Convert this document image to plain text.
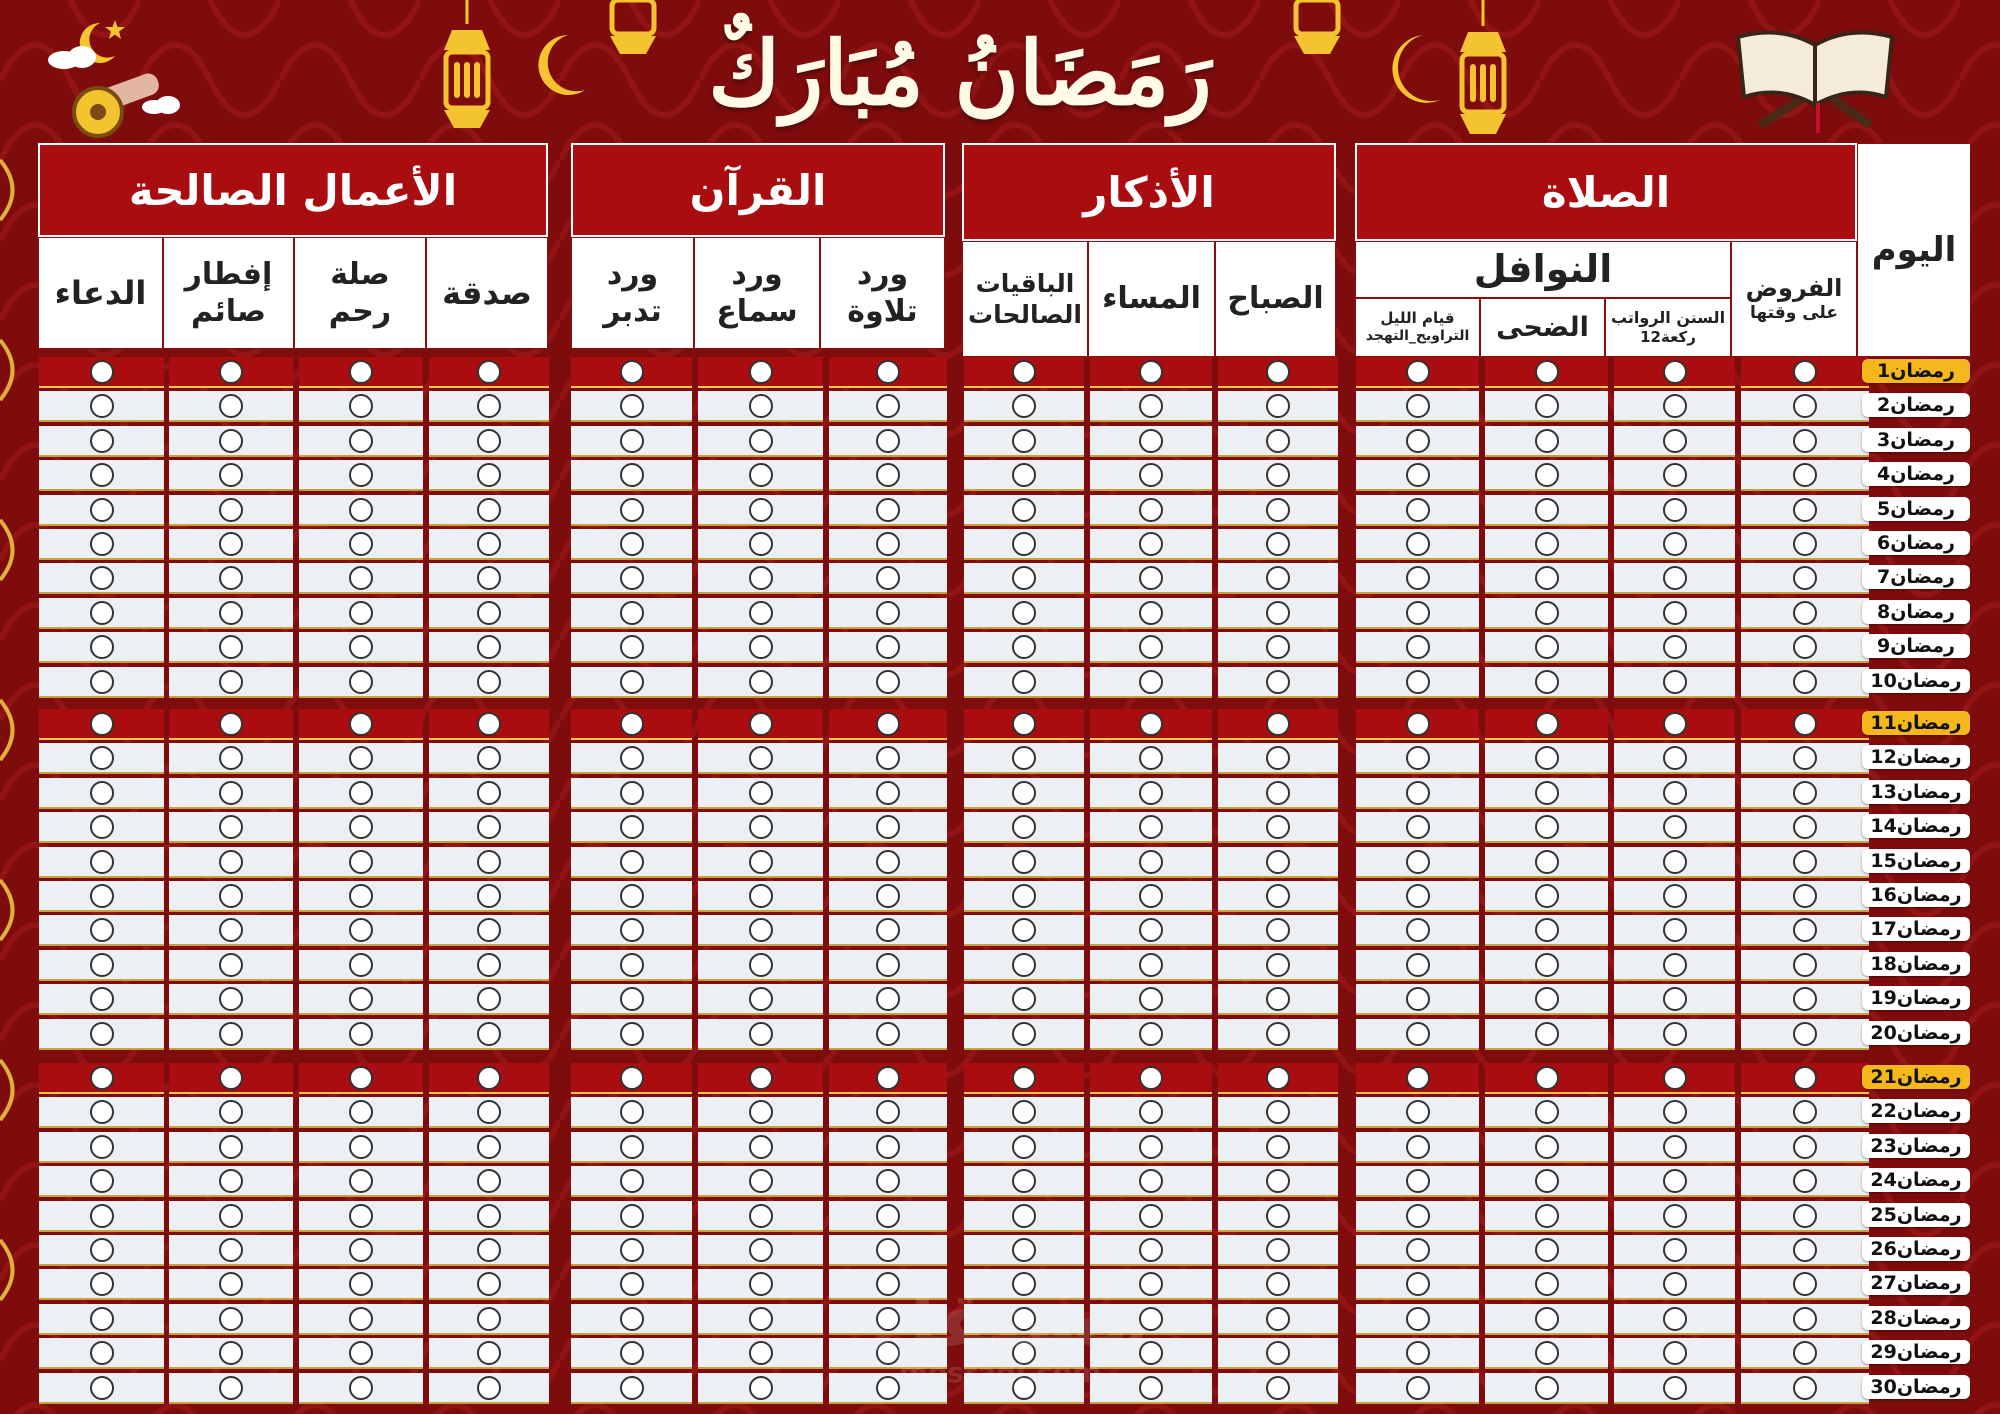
رَمَضَانُ مُبَارَكٌ
الصلاة
الأذكار
القرآن
الأعمال الصالحة
اليوم
النوافل	الفروض
على وقتها
السنن الرواتب
12ركعة
الضحى
قيام الليل
التراويح_التهجد
الصباح
المساء
الباقيات
الصالحات
ورد
تلاوة
ورد
سماع
ورد
تدبر
صدقة
صلة
رحم
إفطار
صائم
الدعاء
1رمضان
2رمضان
3رمضان
4رمضان
5رمضان
6رمضان
7رمضان
8رمضان
9رمضان
10رمضان
11رمضان
12رمضان
13رمضان
14رمضان
15رمضان
16رمضان
17رمضان
18رمضان
19رمضان
20رمضان
21رمضان
22رمضان
23رمضان
24رمضان
25رمضان
26رمضان
27رمضان
28رمضان
29رمضان
30رمضان
مستقل
mostaql.com
